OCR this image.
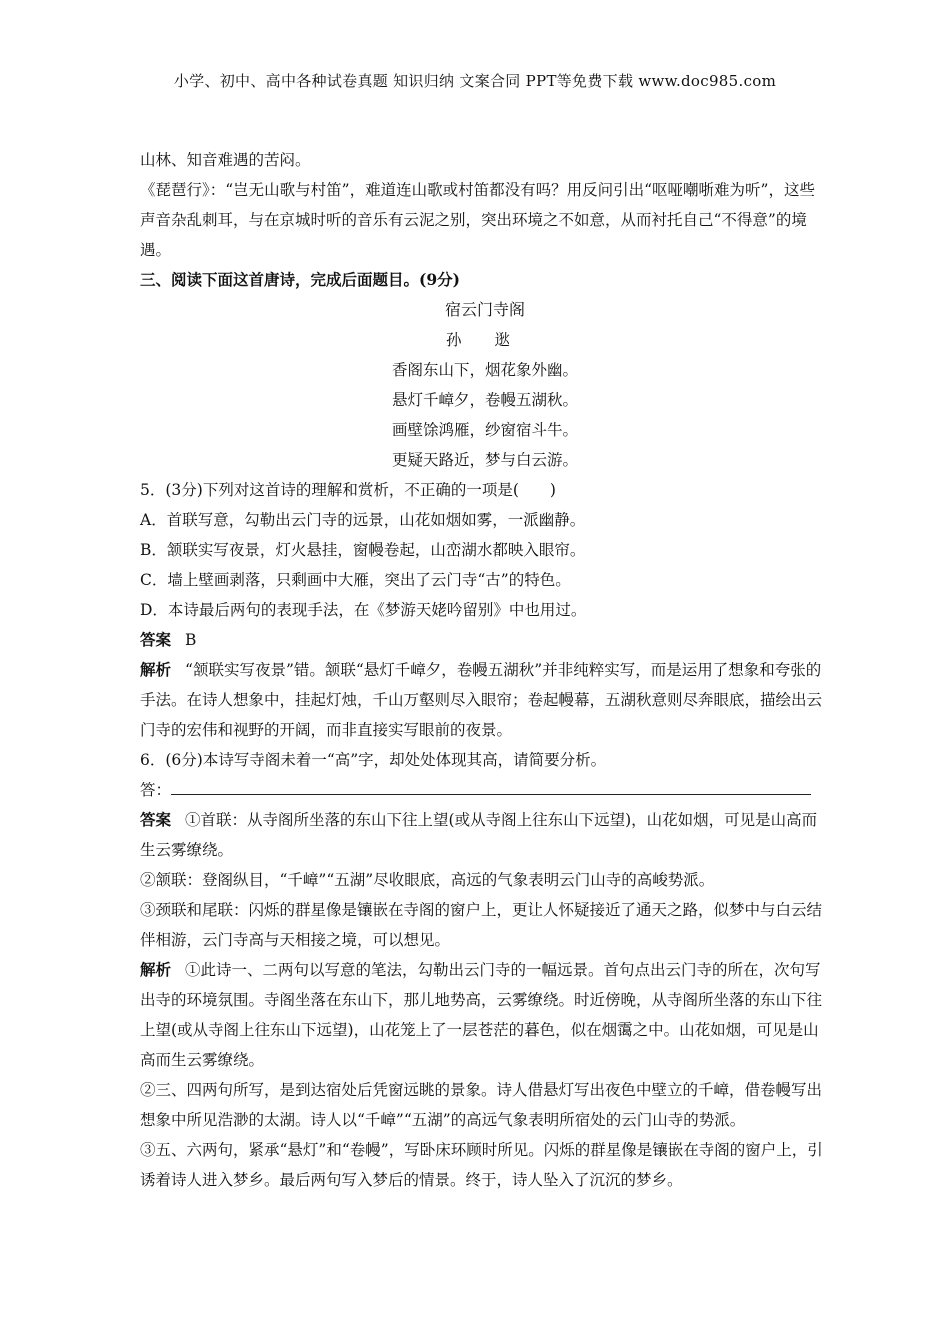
小学、初中、高中各种试卷真题 知识归纳 文案合同 PPT等免费下载 www.doc985.com

山林、知音难遇的苦闷。

《琵琶行》：“岂无山歌与村笛”，难道连山歌或村笛都没有吗？用反问引出“呕哑嘲哳难为听”，这些声音杂乱刺耳，与在京城时听的音乐有云泥之别，突出环境之不如意，从而衬托自己“不得意”的境遇。

三、阅读下面这首唐诗，完成后面题目。(9分)

宿云门寺阁

孙 逖

香阁东山下，烟花象外幽。

悬灯千嶂夕，卷幔五湖秋。

画壁馀鸿雁，纱窗宿斗牛。

更疑天路近，梦与白云游。

5．(3分)下列对这首诗的理解和赏析，不正确的一项是(　　)

A．首联写意，勾勒出云门寺的远景，山花如烟如雾，一派幽静。

B．颔联实写夜景，灯火悬挂，窗幔卷起，山峦湖水都映入眼帘。

C．墙上壁画剥落，只剩画中大雁，突出了云门寺“古”的特色。

D．本诗最后两句的表现手法，在《梦游天姥吟留别》中也用过。

答案 B

解析 “颔联实写夜景”错。颔联“悬灯千嶂夕，卷幔五湖秋”并非纯粹实写，而是运用了想象和夸张的手法。在诗人想象中，挂起灯烛，千山万壑则尽入眼帘；卷起幔幕，五湖秋意则尽奔眼底，描绘出云门寺的宏伟和视野的开阔，而非直接实写眼前的夜景。

6．(6分)本诗写寺阁未着一“高”字，却处处体现其高，请简要分析。

答：

答案 ①首联：从寺阁所坐落的东山下往上望(或从寺阁上往东山下远望)，山花如烟，可见是山高而生云雾缭绕。

②颔联：登阁纵目，“千嶂”“五湖”尽收眼底，高远的气象表明云门山寺的高峻势派。

③颈联和尾联：闪烁的群星像是镶嵌在寺阁的窗户上，更让人怀疑接近了通天之路，似梦中与白云结伴相游，云门寺高与天相接之境，可以想见。

解析 ①此诗一、二两句以写意的笔法，勾勒出云门寺的一幅远景。首句点出云门寺的所在，次句写出寺的环境氛围。寺阁坐落在东山下，那儿地势高，云雾缭绕。时近傍晚，从寺阁所坐落的东山下往上望(或从寺阁上往东山下远望)，山花笼上了一层苍茫的暮色，似在烟霭之中。山花如烟，可见是山高而生云雾缭绕。

②三、四两句所写，是到达宿处后凭窗远眺的景象。诗人借悬灯写出夜色中壁立的千嶂，借卷幔写出想象中所见浩渺的太湖。诗人以“千嶂”“五湖”的高远气象表明所宿处的云门山寺的势派。

③五、六两句，紧承“悬灯”和“卷幔”，写卧床环顾时所见。闪烁的群星像是镶嵌在寺阁的窗户上，引诱着诗人进入梦乡。最后两句写入梦后的情景。终于，诗人坠入了沉沉的梦乡。
